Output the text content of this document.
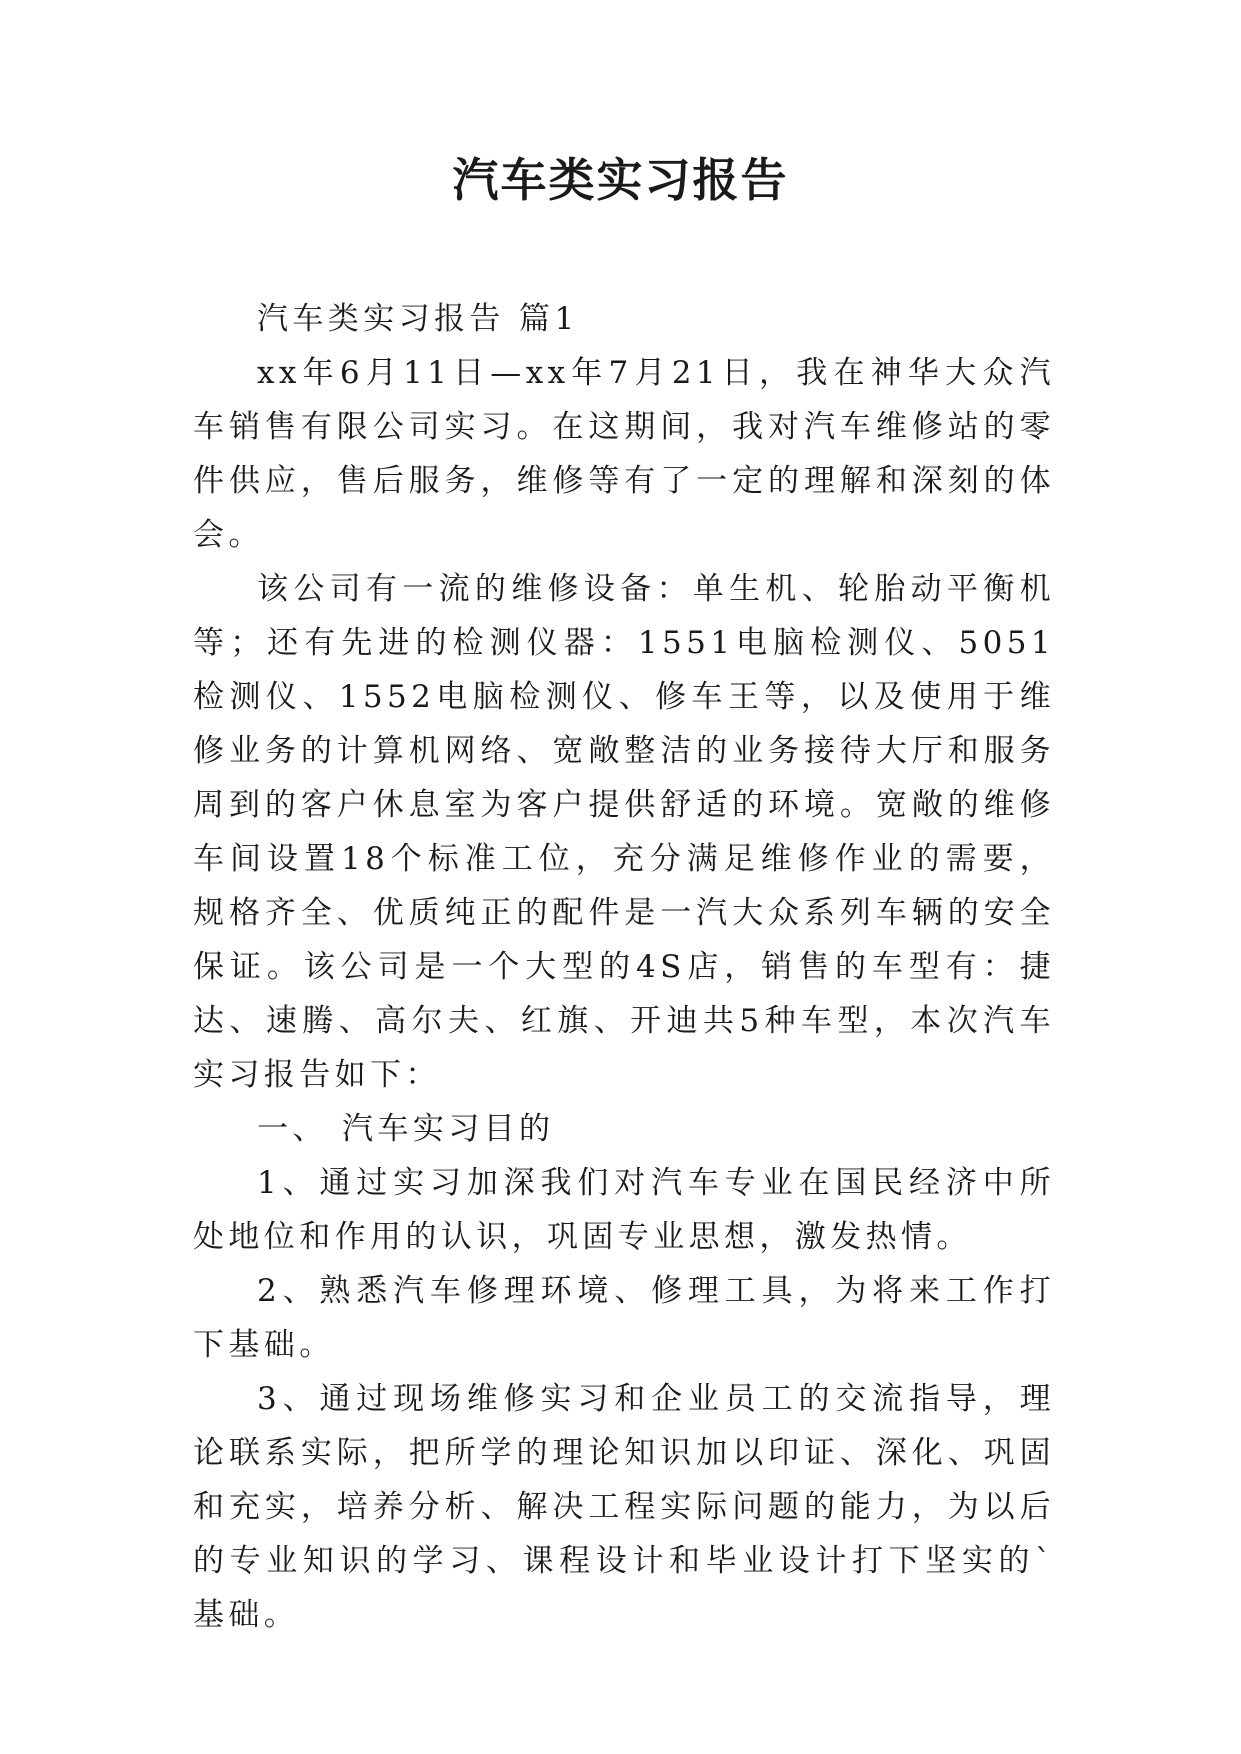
汽车类实习报告

汽车类实习报告 篇1

xx年6月11日—xx年7月21日，我在神华大众汽车销售有限公司实习。在这期间，我对汽车维修站的零件供应，售后服务，维修等有了一定的理解和深刻的体会。

该公司有一流的维修设备：单生机、轮胎动平衡机等；还有先进的检测仪器：1551电脑检测仪、5051检测仪、1552电脑检测仪、修车王等，以及使用于维修业务的计算机网络、宽敞整洁的业务接待大厅和服务周到的客户休息室为客户提供舒适的环境。宽敞的维修车间设置18个标准工位，充分满足维修作业的需要，规格齐全、优质纯正的配件是一汽大众系列车辆的安全保证。该公司是一个大型的4S店，销售的车型有：捷达、速腾、高尔夫、红旗、开迪共5种车型，本次汽车实习报告如下：

一、 汽车实习目的

1、通过实习加深我们对汽车专业在国民经济中所处地位和作用的认识，巩固专业思想，激发热情。

2、熟悉汽车修理环境、修理工具，为将来工作打下基础。

3、通过现场维修实习和企业员工的交流指导，理论联系实际，把所学的理论知识加以印证、深化、巩固和充实，培养分析、解决工程实际问题的能力，为以后的专业知识的学习、课程设计和毕业设计打下坚实的`基础。
